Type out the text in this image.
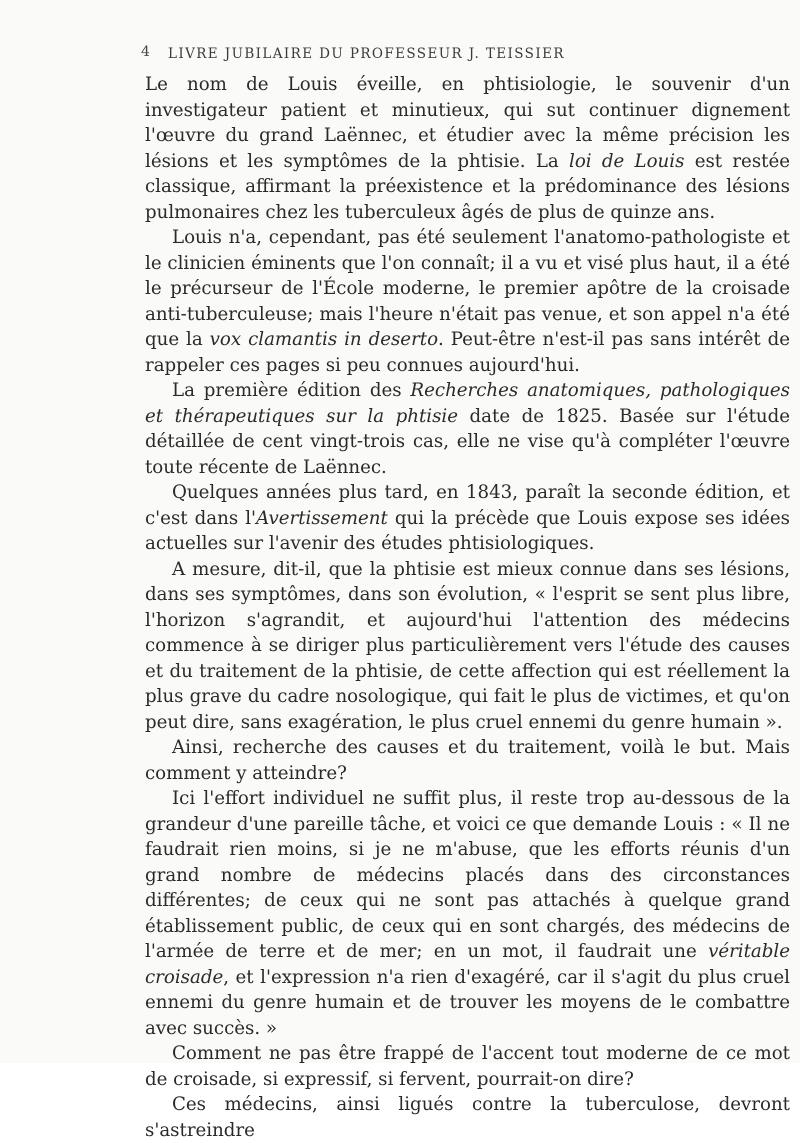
4 LIVRE JUBILAIRE DU PROFESSEUR J. TEISSIER

Le nom de Louis éveille, en phtisiologie, le souvenir d'un investigateur patient et minutieux, qui sut continuer dignement l'œuvre du grand Laënnec, et étudier avec la même précision les lésions et les symptômes de la phtisie. La loi de Louis est restée classique, affirmant la préexistence et la prédominance des lésions pulmonaires chez les tuberculeux âgés de plus de quinze ans.

Louis n'a, cependant, pas été seulement l'anatomo-pathologiste et le clinicien éminents que l'on connaît; il a vu et visé plus haut, il a été le précurseur de l'École moderne, le premier apôtre de la croisade anti-tuberculeuse; mais l'heure n'était pas venue, et son appel n'a été que la vox clamantis in deserto. Peut-être n'est-il pas sans intérêt de rappeler ces pages si peu connues aujourd'hui.

La première édition des Recherches anatomiques, pathologiques et thérapeutiques sur la phtisie date de 1825. Basée sur l'étude détaillée de cent vingt-trois cas, elle ne vise qu'à compléter l'œuvre toute récente de Laënnec.

Quelques années plus tard, en 1843, paraît la seconde édition, et c'est dans l'Avertissement qui la précède que Louis expose ses idées actuelles sur l'avenir des études phtisiologiques.

A mesure, dit-il, que la phtisie est mieux connue dans ses lésions, dans ses symptômes, dans son évolution, « l'esprit se sent plus libre, l'horizon s'agrandit, et aujourd'hui l'attention des médecins commence à se diriger plus particulièrement vers l'étude des causes et du traitement de la phtisie, de cette affection qui est réellement la plus grave du cadre nosologique, qui fait le plus de victimes, et qu'on peut dire, sans exagération, le plus cruel ennemi du genre humain ».

Ainsi, recherche des causes et du traitement, voilà le but. Mais comment y atteindre?

Ici l'effort individuel ne suffit plus, il reste trop au-dessous de la grandeur d'une pareille tâche, et voici ce que demande Louis : « Il ne faudrait rien moins, si je ne m'abuse, que les efforts réunis d'un grand nombre de médecins placés dans des circonstances différentes; de ceux qui ne sont pas attachés à quelque grand établissement public, de ceux qui en sont chargés, des médecins de l'armée de terre et de mer; en un mot, il faudrait une véritable croisade, et l'expression n'a rien d'exagéré, car il s'agit du plus cruel ennemi du genre humain et de trouver les moyens de le combattre avec succès. »

Comment ne pas être frappé de l'accent tout moderne de ce mot de croisade, si expressif, si fervent, pourrait-on dire?

Ces médecins, ainsi ligués contre la tuberculose, devront s'astreindre
